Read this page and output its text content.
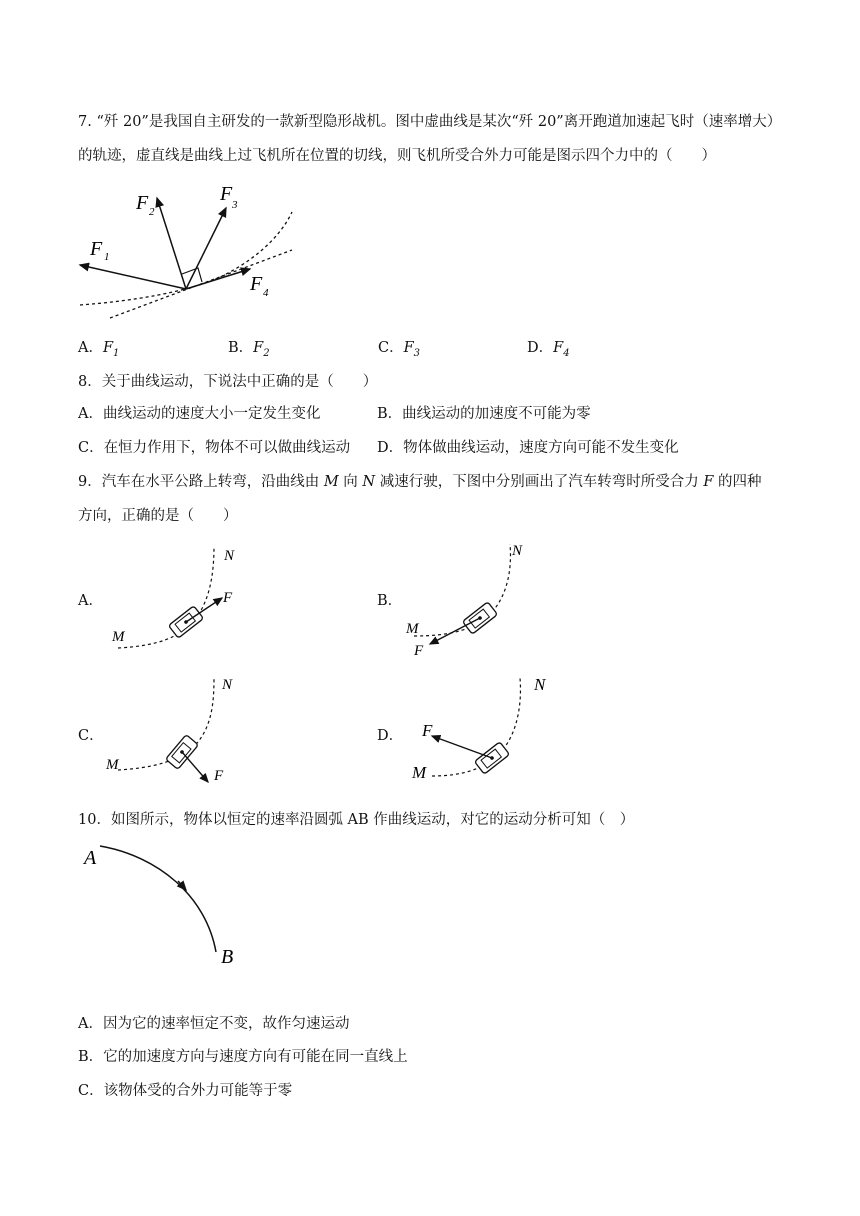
7. “歼 20”是我国自主研发的一款新型隐形战机。图中虚曲线是某次“歼 20”离开跑道加速起飞时（速率增大）
的轨迹，虚直线是曲线上过飞机所在位置的切线，则飞机所受合外力可能是图示四个力中的（　　）
F 1
F 2
F 3
F 4
A．$F_1$	B．$F_2$	C．$F_3$	D．$F_4$
8．关于曲线运动，下说法中正确的是（　　）
A．曲线运动的速度大小一定发生变化	B．曲线运动的加速度不可能为零
C．在恒力作用下，物体不可以做曲线运动 D．物体做曲线运动，速度方向可能不发生变化
9．汽车在水平公路上转弯，沿曲线由 M 向 N 减速行驶，下图中分别画出了汽车转弯时所受合力 F 的四种
方向，正确的是（　　）
A．	B．
C．	D．
N
F
M
N
M
F
N
M
F
N
F
M
10．如图所示，物体以恒定的速率沿圆弧 AB 作曲线运动，对它的运动分析可知（　）
A
B
A．因为它的速率恒定不变，故作匀速运动
B．它的加速度方向与速度方向有可能在同一直线上
C．该物体受的合外力可能等于零
